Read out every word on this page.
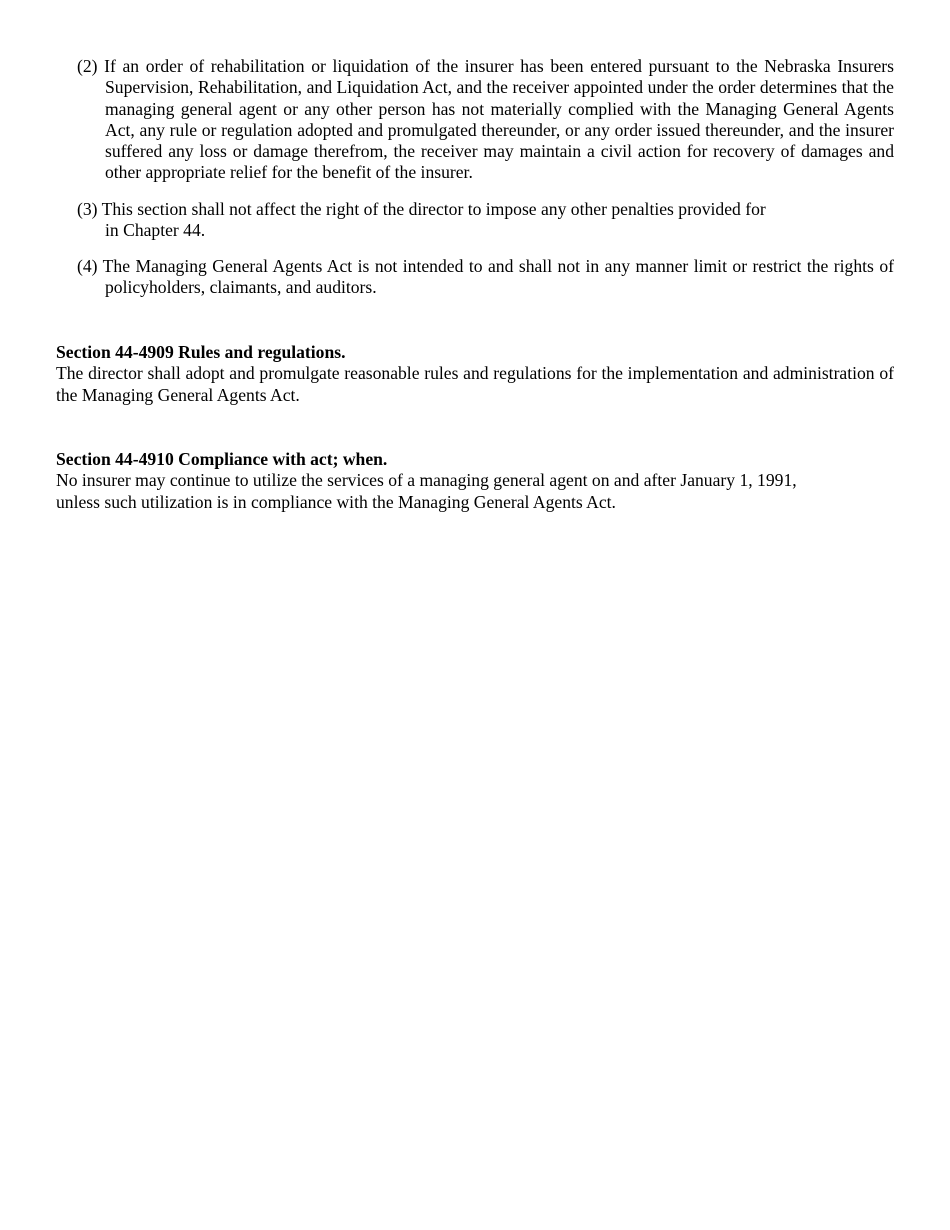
(2) If an order of rehabilitation or liquidation of the insurer has been entered pursuant to the Nebraska Insurers Supervision, Rehabilitation, and Liquidation Act, and the receiver appointed under the order determines that the managing general agent or any other person has not materially complied with the Managing General Agents Act, any rule or regulation adopted and promulgated thereunder, or any order issued thereunder, and the insurer suffered any loss or damage therefrom, the receiver may maintain a civil action for recovery of damages and other appropriate relief for the benefit of the insurer.

(3) This section shall not affect the right of the director to impose any other penalties provided for
in Chapter 44.

(4) The Managing General Agents Act is not intended to and shall not in any manner limit or restrict the rights of policyholders, claimants, and auditors.

Section 44-4909 Rules and regulations.

The director shall adopt and promulgate reasonable rules and regulations for the implementation and administration of the Managing General Agents Act.

Section 44-4910 Compliance with act; when.

No insurer may continue to utilize the services of a managing general agent on and after January 1, 1991,
unless such utilization is in compliance with the Managing General Agents Act.
